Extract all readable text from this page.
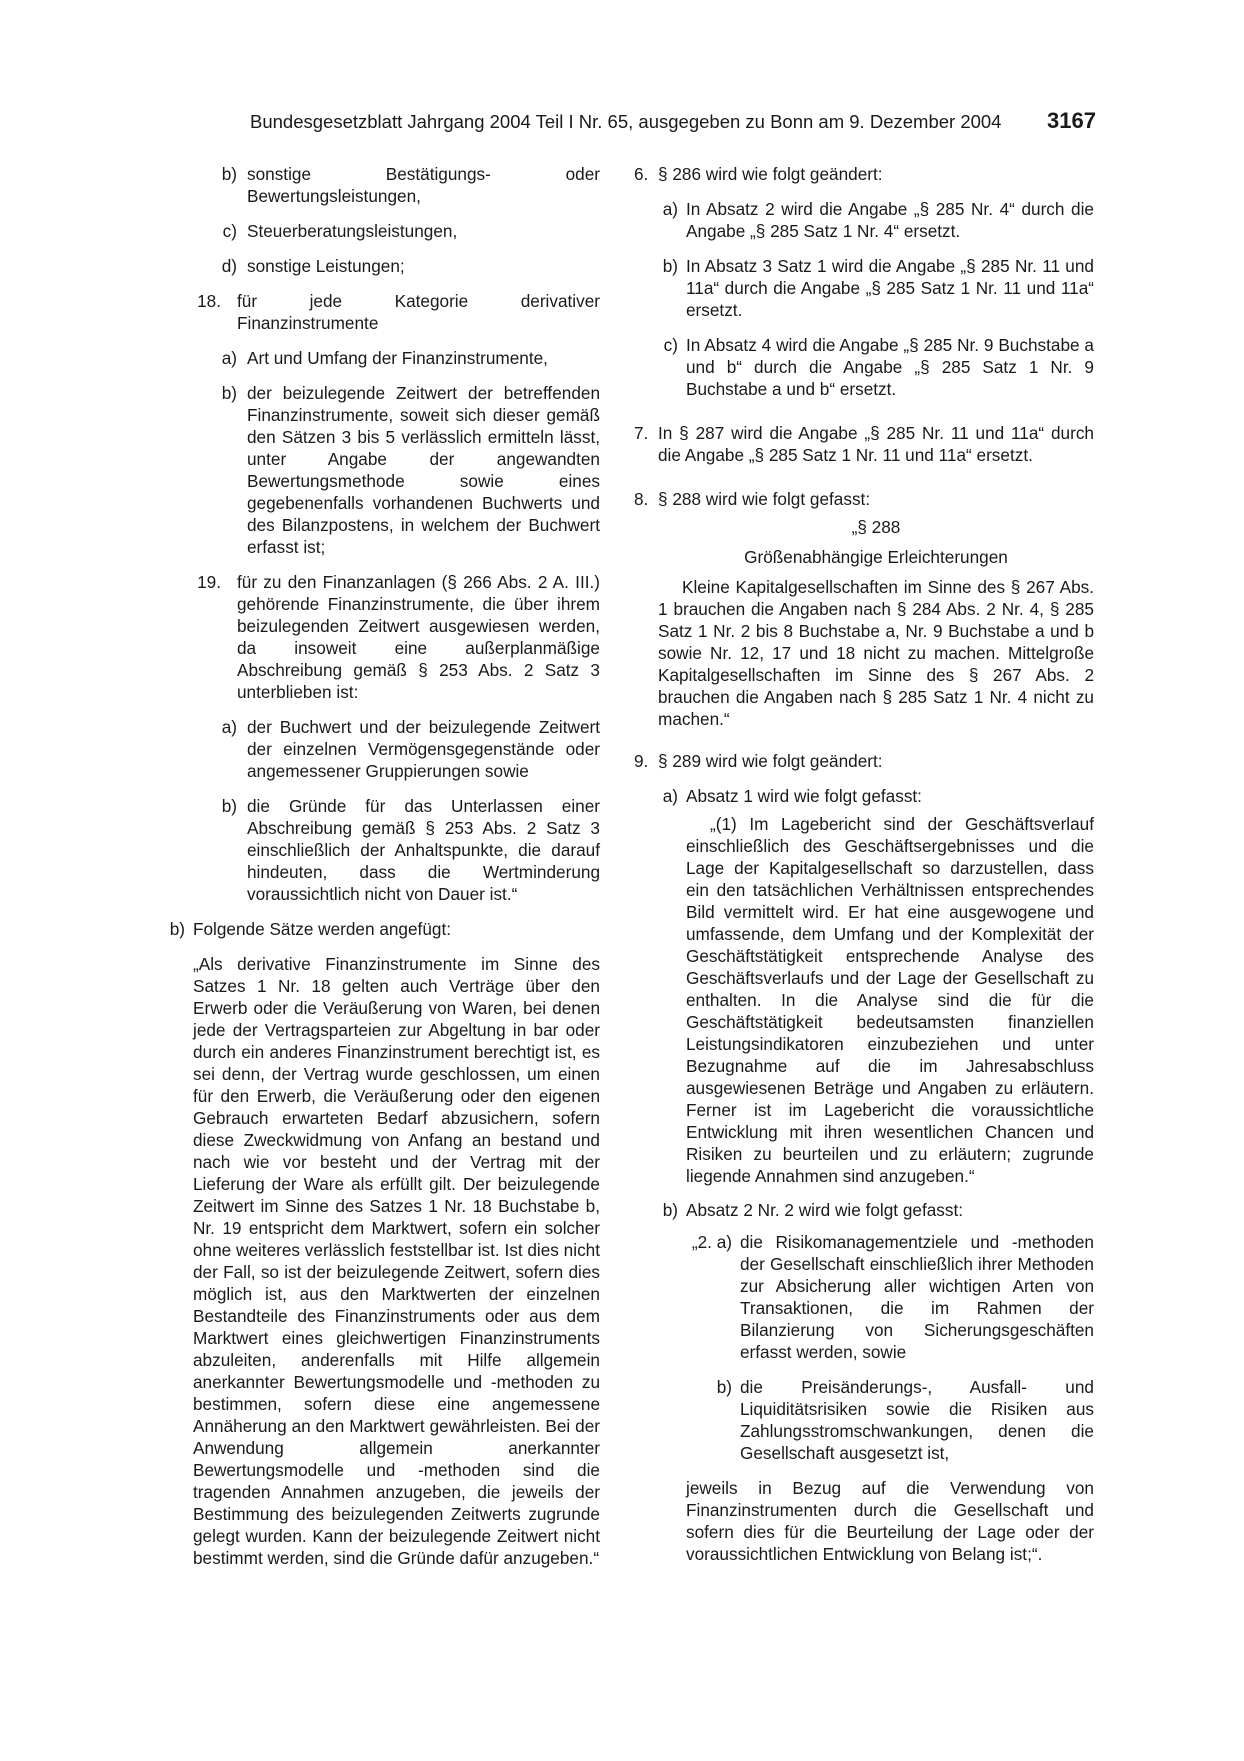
Bundesgesetzblatt Jahrgang 2004 Teil I Nr. 65, ausgegeben zu Bonn am 9. Dezember 2004 3167
b) sonstige Bestätigungs- oder Bewertungsleistungen,
c) Steuerberatungsleistungen,
d) sonstige Leistungen;
18. für jede Kategorie derivativer Finanzinstrumente
a) Art und Umfang der Finanzinstrumente,
b) der beizulegende Zeitwert der betreffenden Finanzinstrumente, soweit sich dieser gemäß den Sätzen 3 bis 5 verlässlich ermitteln lässt, unter Angabe der angewandten Bewertungsmethode sowie eines gegebenenfalls vorhandenen Buchwerts und des Bilanzpostens, in welchem der Buchwert erfasst ist;
19. für zu den Finanzanlagen (§ 266 Abs. 2 A. III.) gehörende Finanzinstrumente, die über ihrem beizulegenden Zeitwert ausgewiesen werden, da insoweit eine außerplanmäßige Abschreibung gemäß § 253 Abs. 2 Satz 3 unterblieben ist:
a) der Buchwert und der beizulegende Zeitwert der einzelnen Vermögensgegenstände oder angemessener Gruppierungen sowie
b) die Gründe für das Unterlassen einer Abschreibung gemäß § 253 Abs. 2 Satz 3 einschließlich der Anhaltspunkte, die darauf hindeuten, dass die Wertminderung voraussichtlich nicht von Dauer ist.“
b) Folgende Sätze werden angefügt:

„Als derivative Finanzinstrumente im Sinne des Satzes 1 Nr. 18 gelten auch Verträge über den Erwerb oder die Veräußerung von Waren, bei denen jede der Vertragsparteien zur Abgeltung in bar oder durch ein anderes Finanzinstrument berechtigt ist, es sei denn, der Vertrag wurde geschlossen, um einen für den Erwerb, die Veräußerung oder den eigenen Gebrauch erwarteten Bedarf abzusichern, sofern diese Zweckwidmung von Anfang an bestand und nach wie vor besteht und der Vertrag mit der Lieferung der Ware als erfüllt gilt. Der beizulegende Zeitwert im Sinne des Satzes 1 Nr. 18 Buchstabe b, Nr. 19 entspricht dem Marktwert, sofern ein solcher ohne weiteres verlässlich feststellbar ist. Ist dies nicht der Fall, so ist der beizulegende Zeitwert, sofern dies möglich ist, aus den Marktwerten der einzelnen Bestandteile des Finanzinstruments oder aus dem Marktwert eines gleichwertigen Finanzinstruments abzuleiten, anderenfalls mit Hilfe allgemein anerkannter Bewertungsmodelle und -methoden zu bestimmen, sofern diese eine angemessene Annäherung an den Marktwert gewährleisten. Bei der Anwendung allgemein anerkannter Bewertungsmodelle und -methoden sind die tragenden Annahmen anzugeben, die jeweils der Bestimmung des beizulegenden Zeitwerts zugrunde gelegt wurden. Kann der beizulegende Zeitwert nicht bestimmt werden, sind die Gründe dafür anzugeben.“

6. § 286 wird wie folgt geändert:
a) In Absatz 2 wird die Angabe „§ 285 Nr. 4“ durch die Angabe „§ 285 Satz 1 Nr. 4“ ersetzt.
b) In Absatz 3 Satz 1 wird die Angabe „§ 285 Nr. 11 und 11a“ durch die Angabe „§ 285 Satz 1 Nr. 11 und 11a“ ersetzt.
c) In Absatz 4 wird die Angabe „§ 285 Nr. 9 Buchstabe a und b“ durch die Angabe „§ 285 Satz 1 Nr. 9 Buchstabe a und b“ ersetzt.
7. In § 287 wird die Angabe „§ 285 Nr. 11 und 11a“ durch die Angabe „§ 285 Satz 1 Nr. 11 und 11a“ ersetzt.
8. § 288 wird wie folgt gefasst:

„§ 288

Größenabhängige Erleichterungen

Kleine Kapitalgesellschaften im Sinne des § 267 Abs. 1 brauchen die Angaben nach § 284 Abs. 2 Nr. 4, § 285 Satz 1 Nr. 2 bis 8 Buchstabe a, Nr. 9 Buchstabe a und b sowie Nr. 12, 17 und 18 nicht zu machen. Mittelgroße Kapitalgesellschaften im Sinne des § 267 Abs. 2 brauchen die Angaben nach § 285 Satz 1 Nr. 4 nicht zu machen.“

9. § 289 wird wie folgt geändert:
a) Absatz 1 wird wie folgt gefasst:

„(1) Im Lagebericht sind der Geschäftsverlauf einschließlich des Geschäftsergebnisses und die Lage der Kapitalgesellschaft so darzustellen, dass ein den tatsächlichen Verhältnissen entsprechendes Bild vermittelt wird. Er hat eine ausgewogene und umfassende, dem Umfang und der Komplexität der Geschäftstätigkeit entsprechende Analyse des Geschäftsverlaufs und der Lage der Gesellschaft zu enthalten. In die Analyse sind die für die Geschäftstätigkeit bedeutsamsten finanziellen Leistungsindikatoren einzubeziehen und unter Bezugnahme auf die im Jahresabschluss ausgewiesenen Beträge und Angaben zu erläutern. Ferner ist im Lagebericht die voraussichtliche Entwicklung mit ihren wesentlichen Chancen und Risiken zu beurteilen und zu erläutern; zugrunde liegende Annahmen sind anzugeben.“

b) Absatz 2 Nr. 2 wird wie folgt gefasst:
„2. a) die Risikomanagementziele und -methoden der Gesellschaft einschließlich ihrer Methoden zur Absicherung aller wichtigen Arten von Transaktionen, die im Rahmen der Bilanzierung von Sicherungsgeschäften erfasst werden, sowie
b) die Preisänderungs-, Ausfall- und Liquiditätsrisiken sowie die Risiken aus Zahlungsstromschwankungen, denen die Gesellschaft ausgesetzt ist,

jeweils in Bezug auf die Verwendung von Finanzinstrumenten durch die Gesellschaft und sofern dies für die Beurteilung der Lage oder der voraussichtlichen Entwicklung von Belang ist;“.
